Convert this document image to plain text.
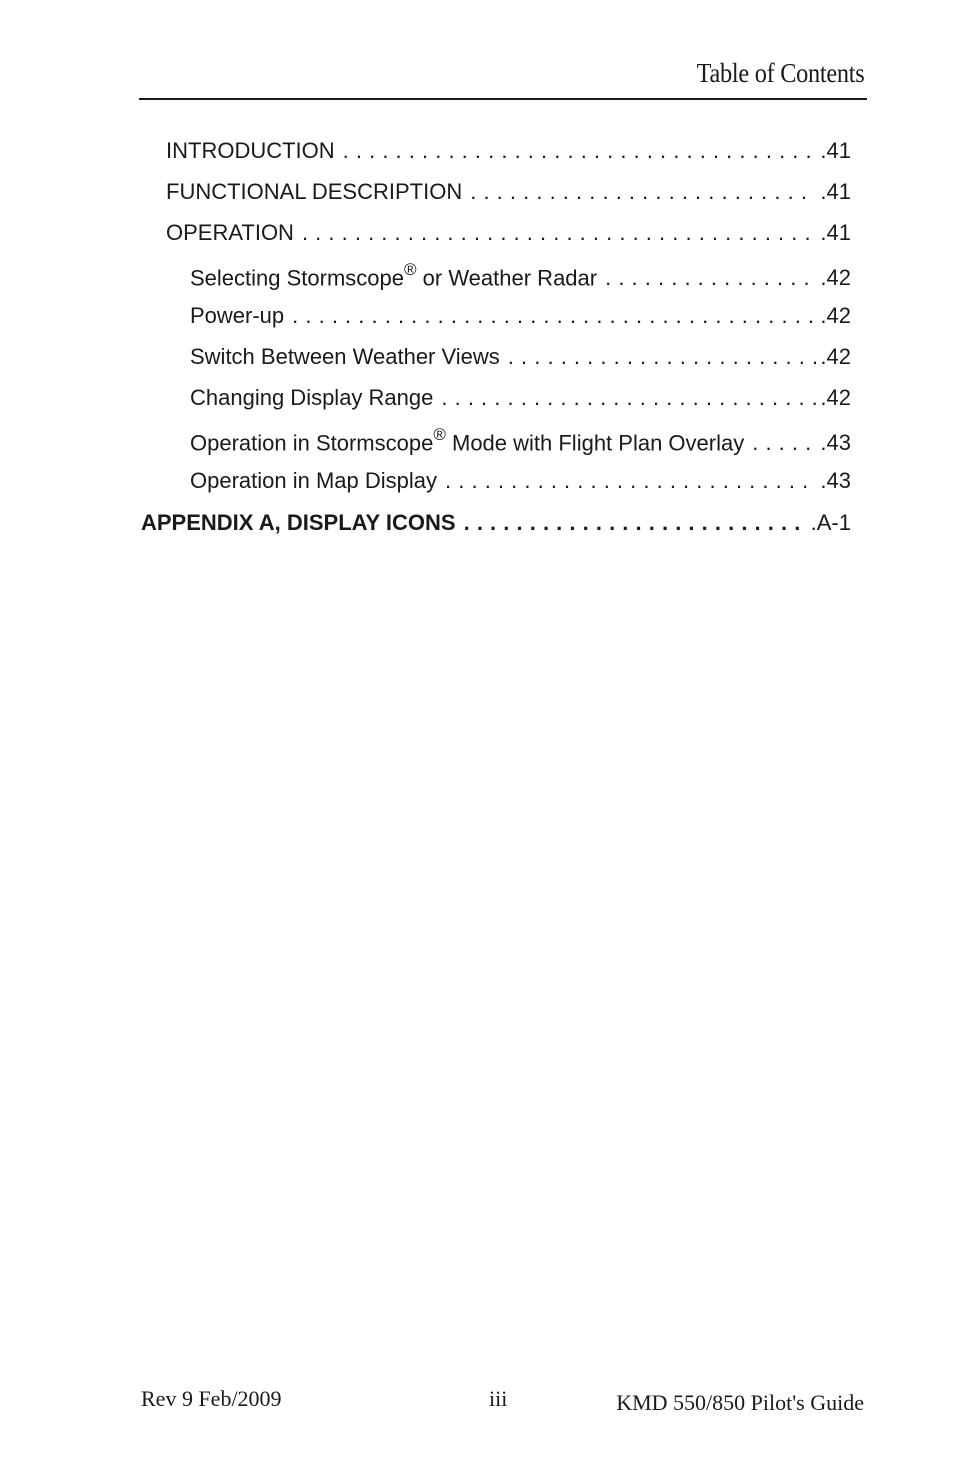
Table of Contents
INTRODUCTION . . .	.41
FUNCTIONAL DESCRIPTION . . .	.41
OPERATION . . .	.41
Selecting Stormscope® or Weather Radar . . .	.42
Power-up . . .	.42
Switch Between Weather Views . . .	.42
Changing Display Range . . .	.42
Operation in Stormscope® Mode with Flight Plan Overlay . . .	.43
Operation in Map Display . . .	.43
APPENDIX A, DISPLAY ICONS . . .	.A-1
Rev 9 Feb/2009	iii	KMD 550/850 Pilot's Guide
